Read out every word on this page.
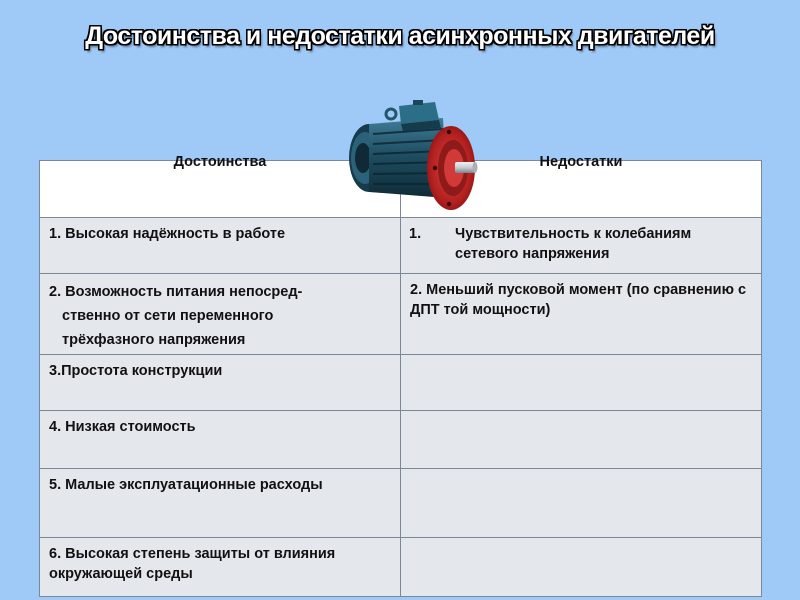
Достоинства и недостатки асинхронных двигателей
Достоинства	Недостатки

1. Высокая надёжность в работе	1. Чувствительность к колебаниям сетевого напряжения

2. Возможность питания непосред-
ственно от сети переменного
трёхфазного напряжения	2. Меньший пусковой момент (по сравнению с ДПТ той мощности)

3.Простота конструкции	

4. Низкая стоимость	

5. Малые эксплуатационные расходы	

6. Высокая степень защиты от влияния окружающей среды	
